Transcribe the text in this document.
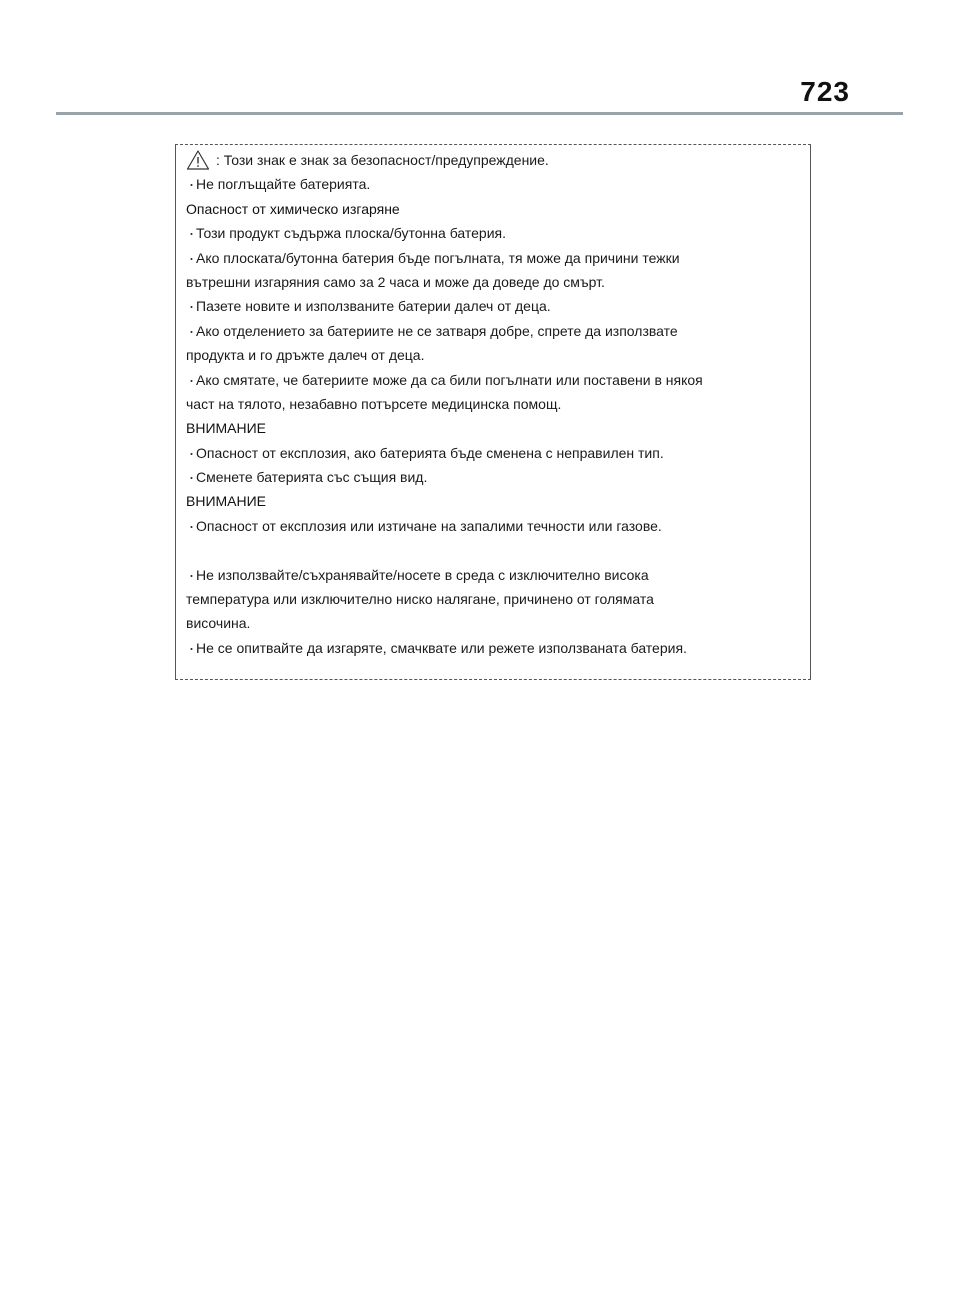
723
: Този знак е знак за безопасност/предупреждение.
・Не поглъщайте батерията.
Опасност от химическо изгаряне
・Този продукт съдържа плоска/бутонна батерия.
・Ако плоската/бутонна батерия бъде погълната, тя може да причини тежки
вътрешни изгаряния само за 2 часа и може да доведе до смърт.
・Пазете новите и използваните батерии далеч от деца.
・Ако отделението за батериите не се затваря добре, спрете да използвате
продукта и го дръжте далеч от деца.
・Ако смятате, че батериите може да са били погълнати или поставени в някоя
част на тялото, незабавно потърсете медицинска помощ.
ВНИМАНИЕ
・Опасност от експлозия, ако батерията бъде сменена с неправилен тип.
・Сменете батерията със същия вид.
ВНИМАНИЕ
・Опасност от експлозия или изтичане на запалими течности или газове.
・Не използвайте/съхранявайте/носете в среда с изключително висока
температура или изключително ниско налягане, причинено от голямата
височина.
・Не се опитвайте да изгаряте, смачквате или режете използваната батерия.
